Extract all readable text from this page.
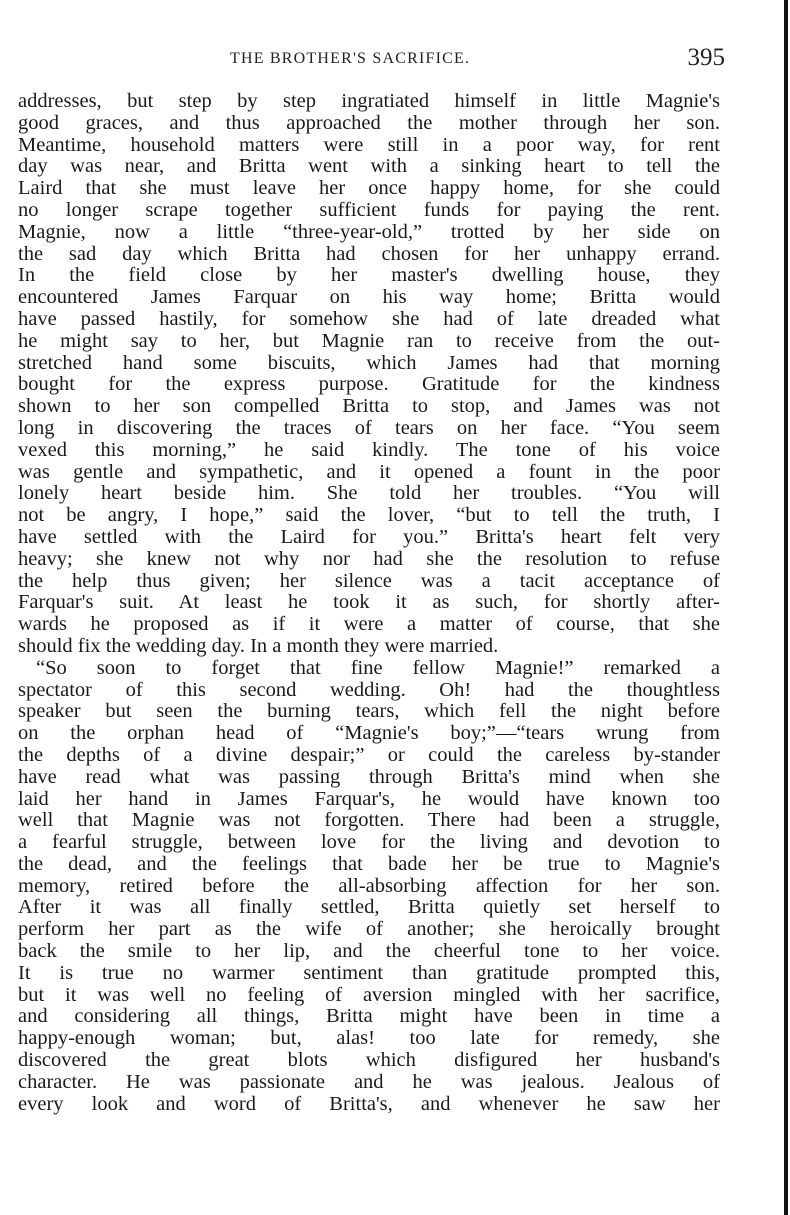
THE BROTHER'S SACRIFICE.	395
addresses, but step by step ingratiated himself in little Magnie's
good graces, and thus approached the mother through her son.
Meantime, household matters were still in a poor way, for rent
day was near, and Britta went with a sinking heart to tell the
Laird that she must leave her once happy home, for she could
no longer scrape together sufficient funds for paying the rent.
Magnie, now a little “three-year-old,” trotted by her side on
the sad day which Britta had chosen for her unhappy errand.
In the field close by her master's dwelling house, they
encountered James Farquar on his way home; Britta would
have passed hastily, for somehow she had of late dreaded what
he might say to her, but Magnie ran to receive from the out-
stretched hand some biscuits, which James had that morning
bought for the express purpose. Gratitude for the kindness
shown to her son compelled Britta to stop, and James was not
long in discovering the traces of tears on her face. “You seem
vexed this morning,” he said kindly. The tone of his voice
was gentle and sympathetic, and it opened a fount in the poor
lonely heart beside him. She told her troubles. “You will
not be angry, I hope,” said the lover, “but to tell the truth, I
have settled with the Laird for you.” Britta's heart felt very
heavy; she knew not why nor had she the resolution to refuse
the help thus given; her silence was a tacit acceptance of
Farquar's suit. At least he took it as such, for shortly after-
wards he proposed as if it were a matter of course, that she
should fix the wedding day. In a month they were married.
“So soon to forget that fine fellow Magnie!” remarked a
spectator of this second wedding. Oh! had the thoughtless
speaker but seen the burning tears, which fell the night before
on the orphan head of “Magnie's boy;”—“tears wrung from
the depths of a divine despair;” or could the careless by-stander
have read what was passing through Britta's mind when she
laid her hand in James Farquar's, he would have known too
well that Magnie was not forgotten. There had been a struggle,
a fearful struggle, between love for the living and devotion to
the dead, and the feelings that bade her be true to Magnie's
memory, retired before the all-absorbing affection for her son.
After it was all finally settled, Britta quietly set herself to
perform her part as the wife of another; she heroically brought
back the smile to her lip, and the cheerful tone to her voice.
It is true no warmer sentiment than gratitude prompted this,
but it was well no feeling of aversion mingled with her sacrifice,
and considering all things, Britta might have been in time a
happy-enough woman; but, alas! too late for remedy, she
discovered the great blots which disfigured her husband's
character. He was passionate and he was jealous. Jealous of
every look and word of Britta's, and whenever he saw her
